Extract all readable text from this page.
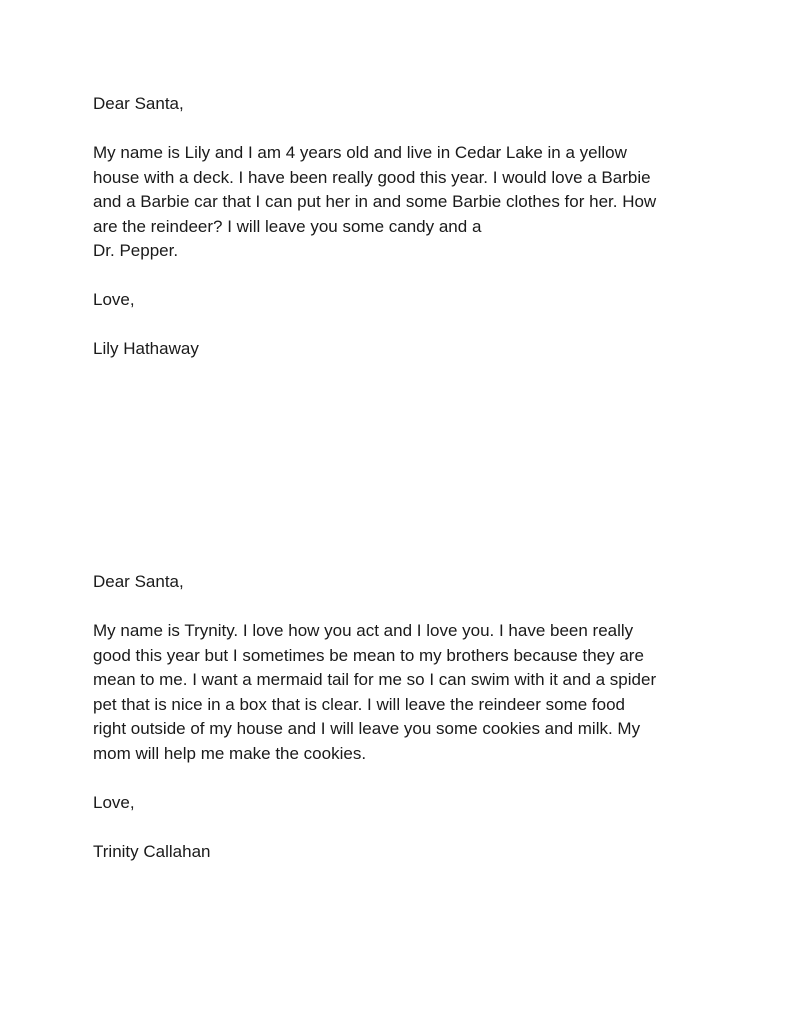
Dear Santa,
My name is Lily and I am 4 years old and live in Cedar Lake in a yellow
house with a deck. I have been really good this year. I would love a Barbie
and a Barbie car that I can put her in and some Barbie clothes for her. How
are the reindeer? I will leave you some candy and a
Dr. Pepper.
Love,
Lily Hathaway
Dear Santa,
My name is Trynity. I love how you act and I love you. I have been really
good this year but I sometimes be mean to my brothers because they are
mean to me. I want a mermaid tail for me so I can swim with it and a spider
pet that is nice in a box that is clear. I will leave the reindeer some food
right outside of my house and I will leave you some cookies and milk. My
mom will help me make the cookies.
Love,
Trinity Callahan
